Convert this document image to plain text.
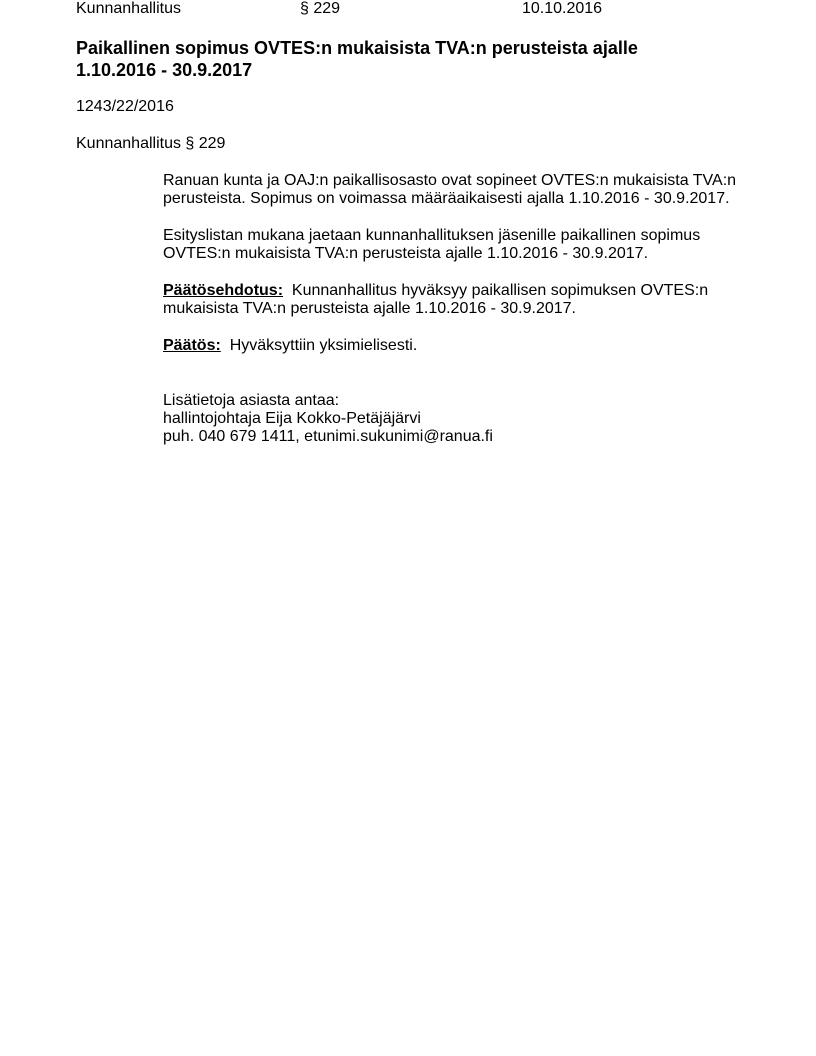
Kunnanhallitus	§ 229	10.10.2016
Paikallinen sopimus OVTES:n mukaisista TVA:n perusteista ajalle 1.10.2016 - 30.9.2017
1243/22/2016
Kunnanhallitus § 229

Ranuan kunta ja OAJ:n paikallisosasto ovat sopineet OVTES:n mukaisista TVA:n perusteista. Sopimus on voimassa määräaikaisesti ajalla 1.10.2016 - 30.9.2017.

Esityslistan mukana jaetaan kunnanhallituksen jäsenille paikallinen sopimus OVTES:n mukaisista TVA:n perusteista ajalle 1.10.2016 - 30.9.2017.

Päätösehdotus: Kunnanhallitus hyväksyy paikallisen sopimuksen OVTES:n mukaisista TVA:n perusteista ajalle 1.10.2016 - 30.9.2017.

Päätös: Hyväksyttiin yksimielisesti.

Lisätietoja asiasta antaa:
hallintojohtaja Eija Kokko-Petäjäjärvi
puh. 040 679 1411, etunimi.sukunimi@ranua.fi
